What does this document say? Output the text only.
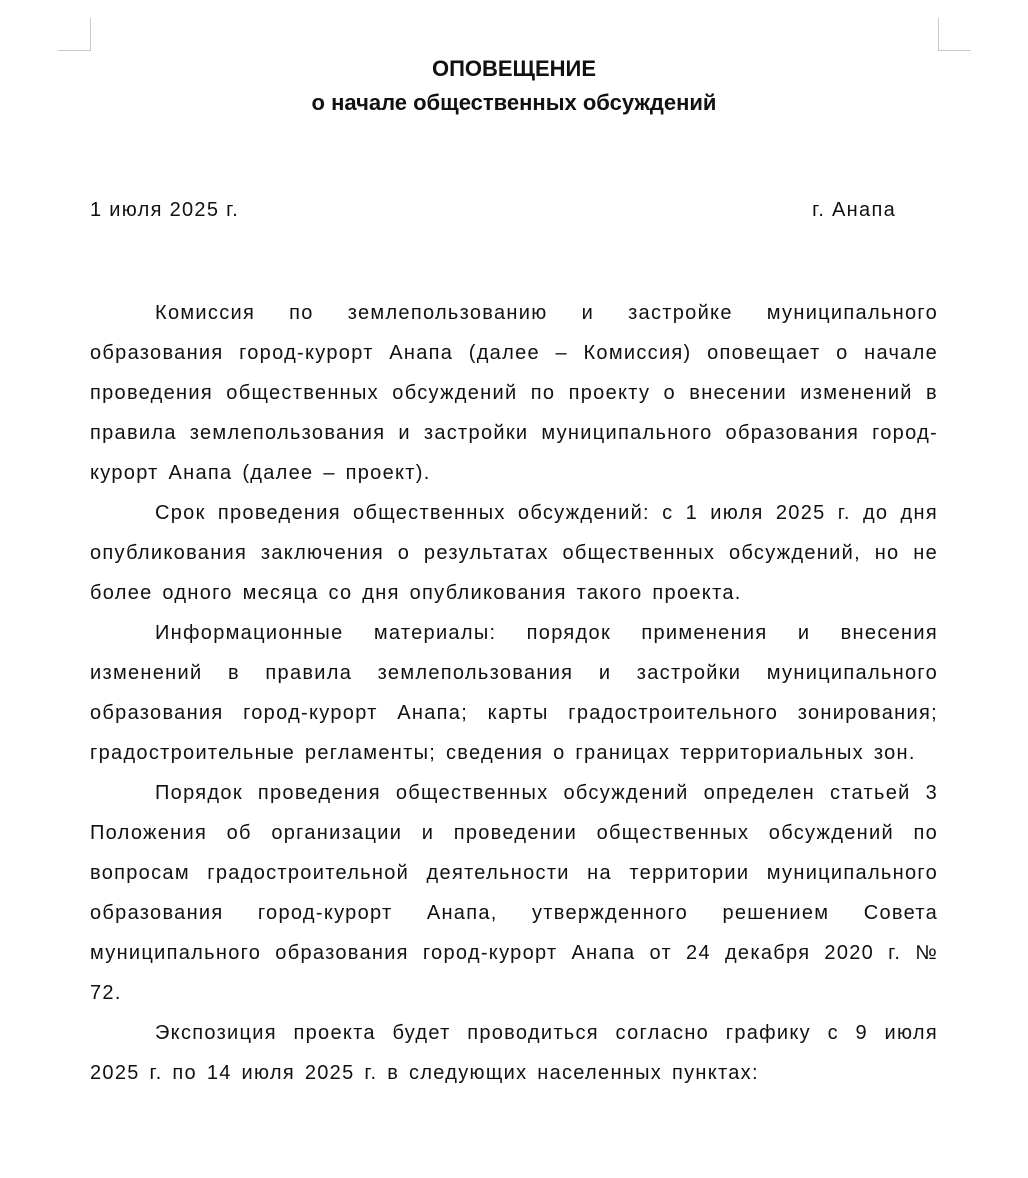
ОПОВЕЩЕНИЕ
о начале общественных обсуждений
1 июля 2025 г.	г. Анапа

Комиссия по землепользованию и застройке муниципального образования город-курорт Анапа (далее – Комиссия) оповещает о начале проведения общественных обсуждений по проекту о внесении изменений в правила землепользования и застройки муниципального образования город-курорт Анапа (далее – проект).

Срок проведения общественных обсуждений: с 1 июля 2025 г. до дня опубликования заключения о результатах общественных обсуждений, но не более одного месяца со дня опубликования такого проекта.

Информационные материалы: порядок применения и внесения изменений в правила землепользования и застройки муниципального образования город-курорт Анапа; карты градостроительного зонирования; градостроительные регламенты; сведения о границах территориальных зон.

Порядок проведения общественных обсуждений определен статьей 3 Положения об организации и проведении общественных обсуждений по вопросам градостроительной деятельности на территории муниципального образования город-курорт Анапа, утвержденного решением Совета муниципального образования город-курорт Анапа от 24 декабря 2020 г. № 72.

Экспозиция проекта будет проводиться согласно графику с 9 июля 2025 г. по 14 июля 2025 г. в следующих населенных пунктах:
